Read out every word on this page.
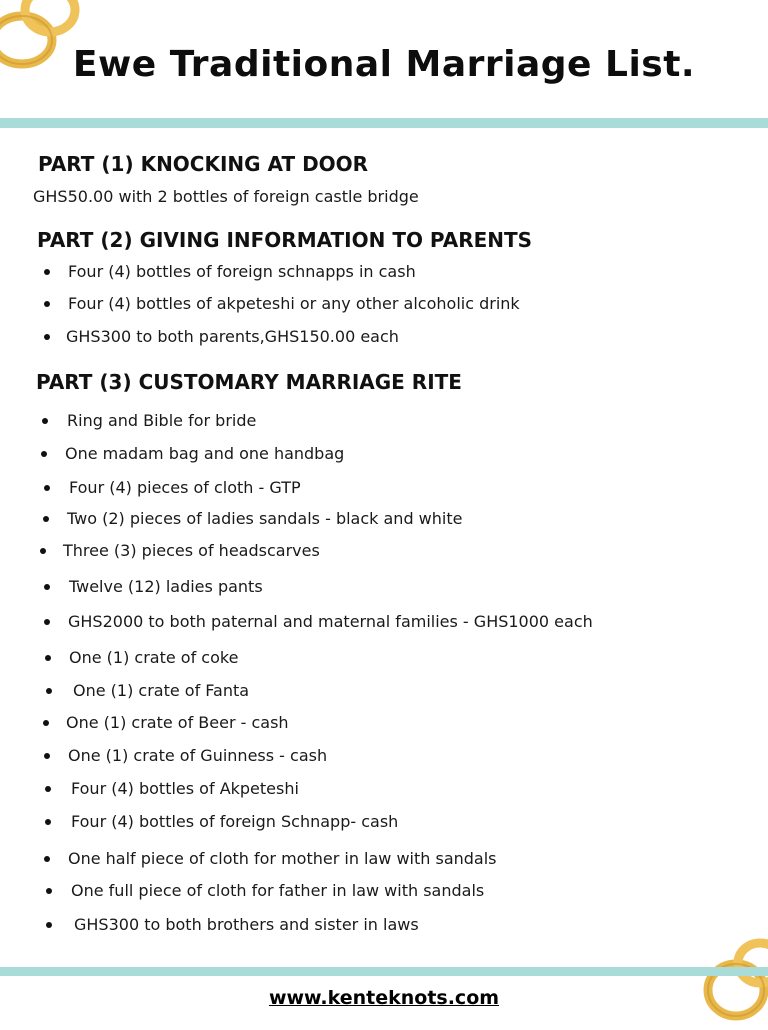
Ewe Traditional Marriage List.
PART (1) KNOCKING AT DOOR

GHS50.00 with 2 bottles of foreign castle bridge

PART (2) GIVING INFORMATION TO PARENTS

Four (4) bottles of foreign schnapps in cash

Four (4) bottles of akpeteshi or any other alcoholic drink

GHS300 to both parents,GHS150.00 each

PART (3) CUSTOMARY MARRIAGE RITE

Ring and Bible for bride

One madam bag and one handbag

Four (4) pieces of cloth - GTP

Two (2) pieces of ladies sandals - black and white

Three (3) pieces of headscarves

Twelve (12) ladies pants

GHS2000 to both paternal and maternal families - GHS1000 each

One (1) crate of coke

One (1) crate of Fanta

One (1) crate of Beer - cash

One (1) crate of Guinness - cash

Four (4) bottles of Akpeteshi

Four (4) bottles of foreign Schnapp- cash

One half piece of cloth for mother in law with sandals

One full piece of cloth for father in law with sandals

GHS300 to both brothers and sister in laws

www.kenteknots.com
